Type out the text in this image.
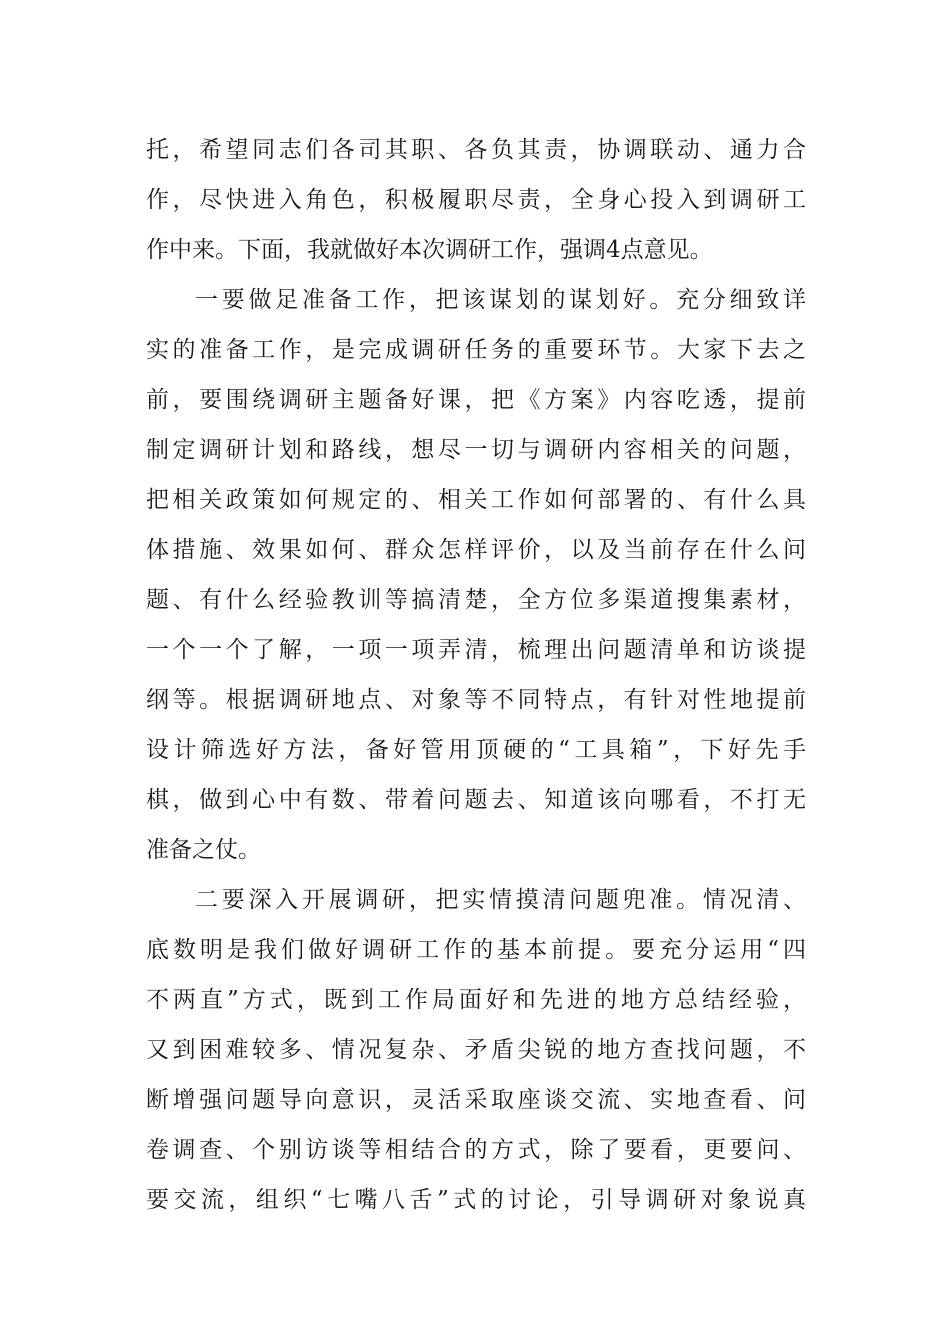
托，希望同志们各司其职、各负其责，协调联动、通力合
作，尽快进入角色，积极履职尽责，全身心投入到调研工
作中来。下面，我就做好本次调研工作，强调4点意见。
一要做足准备工作，把该谋划的谋划好。充分细致详
实的准备工作，是完成调研任务的重要环节。大家下去之
前，要围绕调研主题备好课，把《方案》内容吃透，提前
制定调研计划和路线，想尽一切与调研内容相关的问题，
把相关政策如何规定的、相关工作如何部署的、有什么具
体措施、效果如何、群众怎样评价，以及当前存在什么问
题、有什么经验教训等搞清楚，全方位多渠道搜集素材，
一个一个了解，一项一项弄清，梳理出问题清单和访谈提
纲等。根据调研地点、对象等不同特点，有针对性地提前
设计筛选好方法，备好管用顶硬的“工具箱”，下好先手
棋，做到心中有数、带着问题去、知道该向哪看，不打无
准备之仗。
二要深入开展调研，把实情摸清问题兜准。情况清、
底数明是我们做好调研工作的基本前提。要充分运用“四
不两直”方式，既到工作局面好和先进的地方总结经验，
又到困难较多、情况复杂、矛盾尖锐的地方查找问题，不
断增强问题导向意识，灵活采取座谈交流、实地查看、问
卷调查、个别访谈等相结合的方式，除了要看，更要问、
要交流，组织“七嘴八舌”式的讨论，引导调研对象说真
